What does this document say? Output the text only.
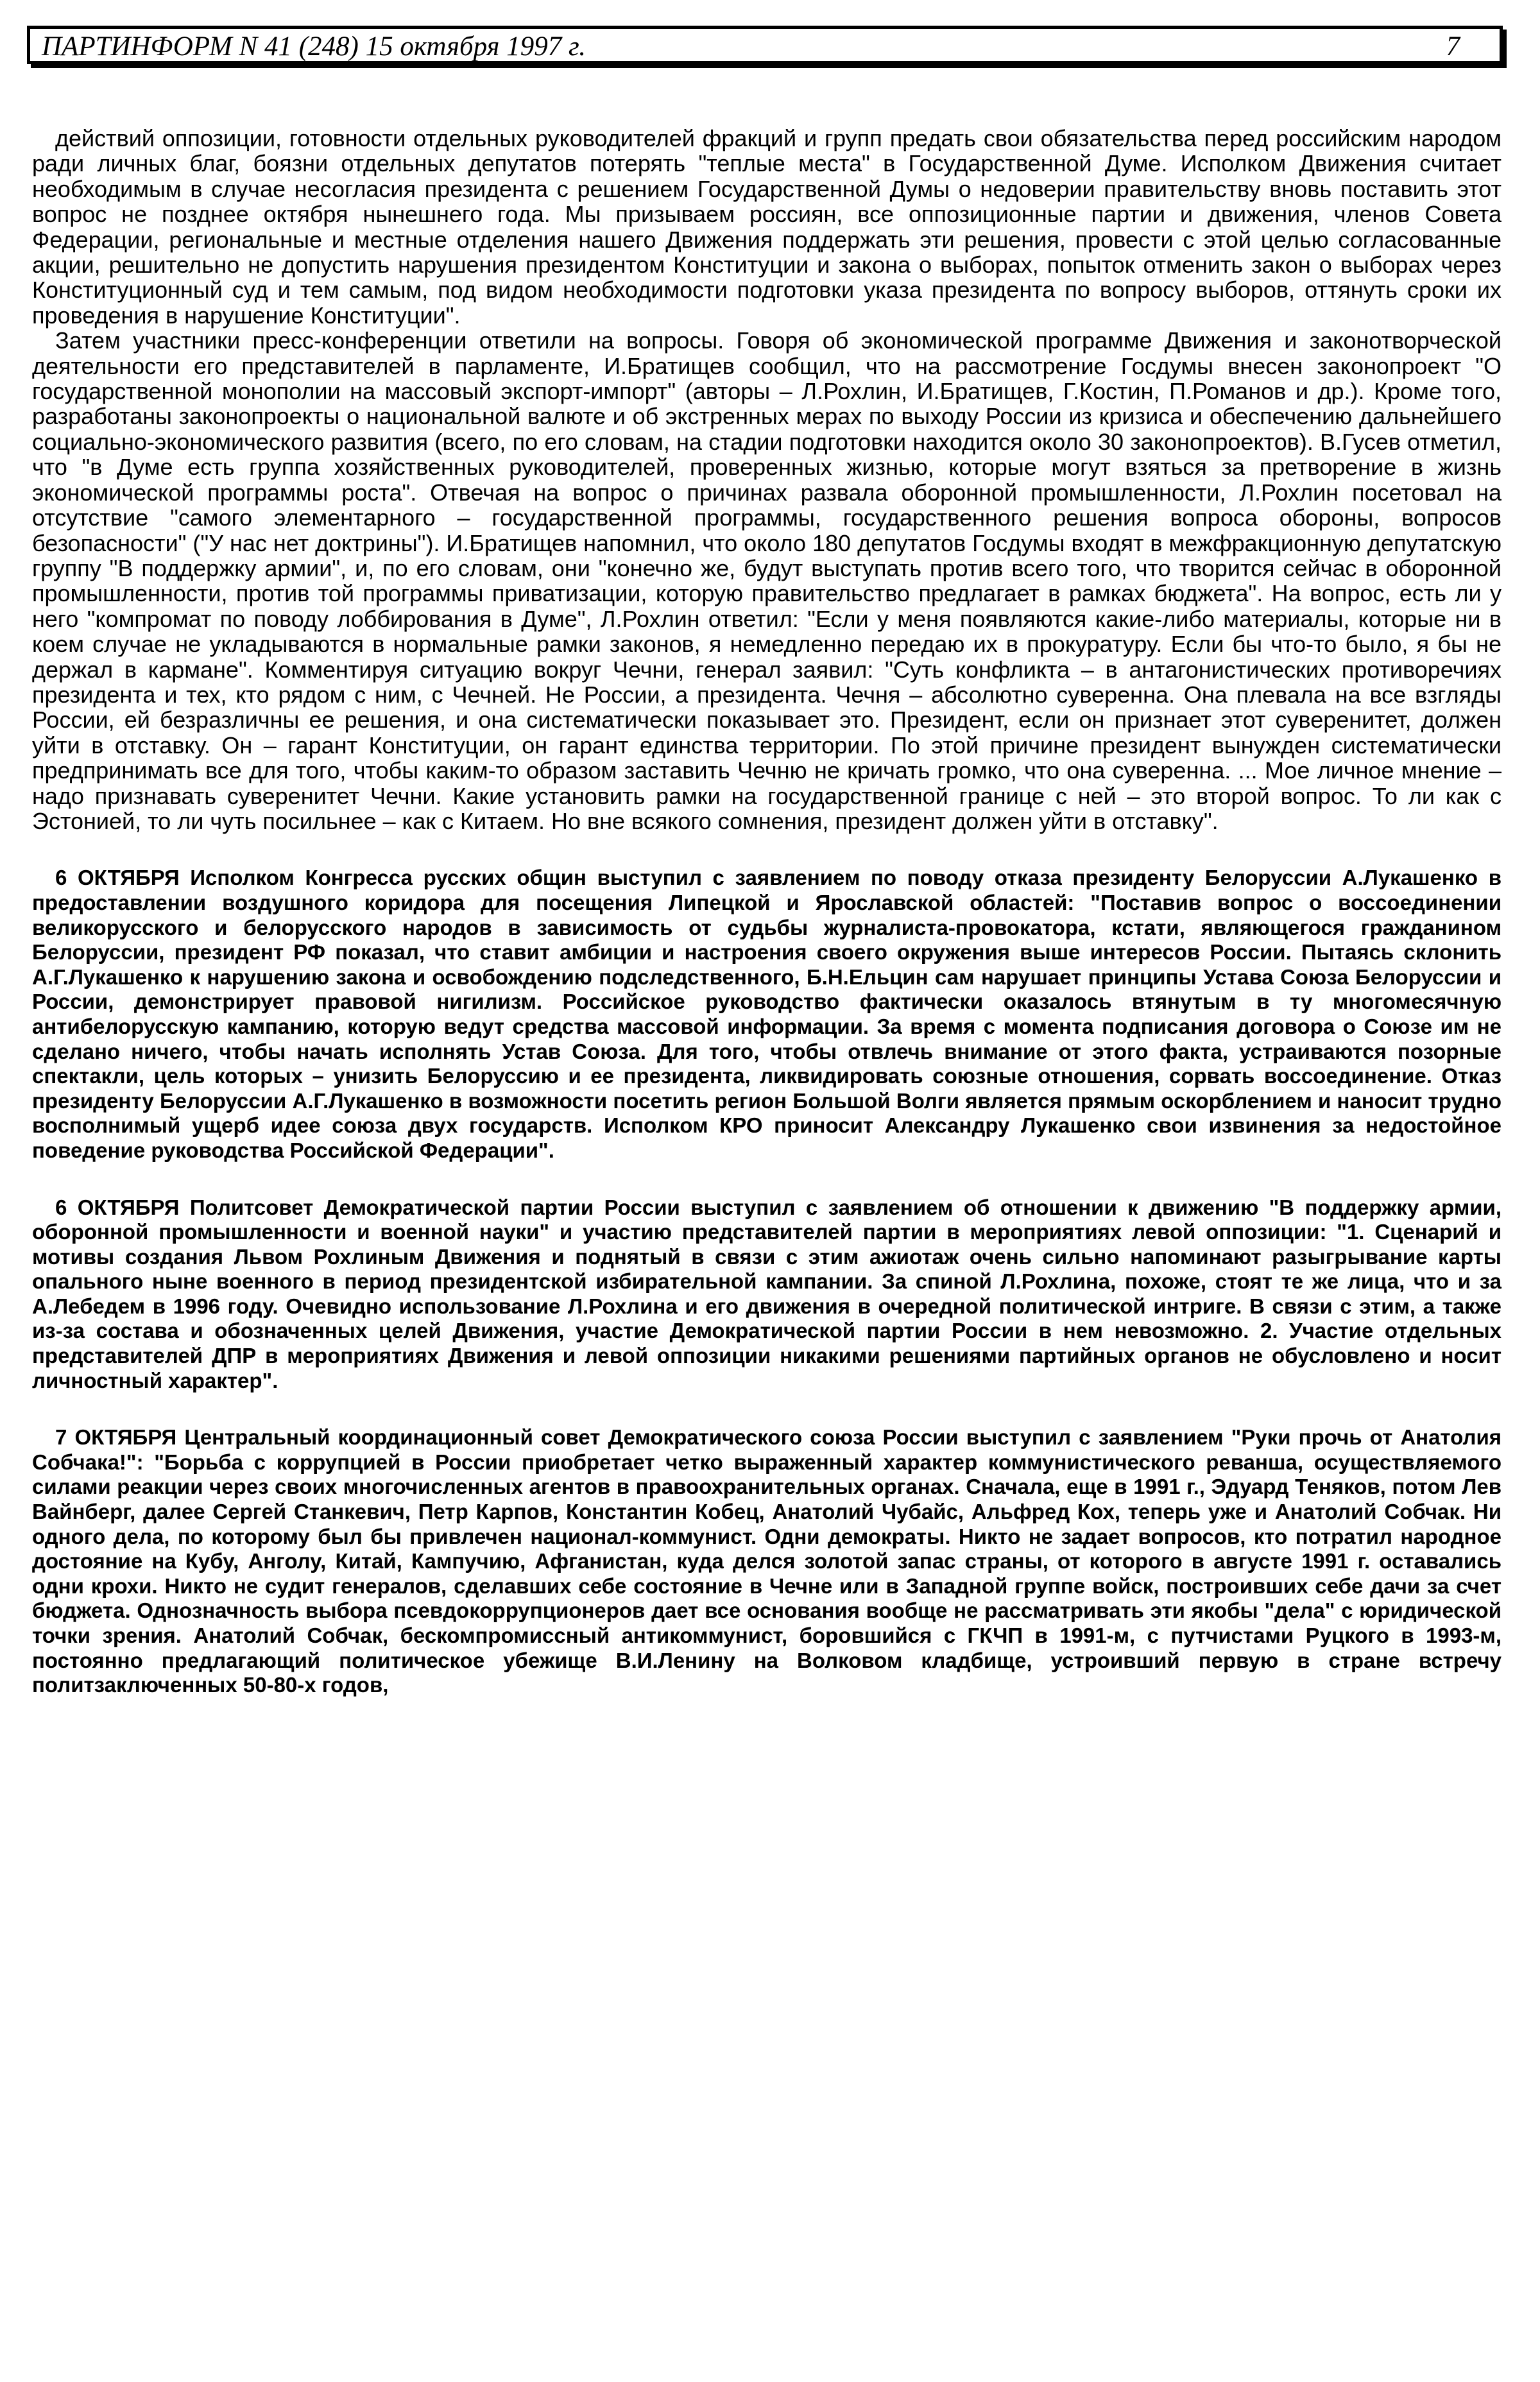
ПАРТИНФОРМ N 41 (248) 15 октября 1997 г.	7

действий оппозиции, готовности отдельных руководителей фракций и групп предать свои обязательства перед российским народом ради личных благ, боязни отдельных депутатов потерять "теплые места" в Государственной Думе. Исполком Движения считает необходимым в случае несогласия президента с решением Государственной Думы о недоверии правительству вновь поставить этот вопрос не позднее октября нынешнего года. Мы призываем россиян, все оппозиционные партии и движения, членов Совета Федерации, региональные и местные отделения нашего Движения поддержать эти решения, провести с этой целью согласованные акции, решительно не допустить нарушения президентом Конституции и закона о выборах, попыток отменить закон о выборах через Конституционный суд и тем самым, под видом необходимости подготовки указа президента по вопросу выборов, оттянуть сроки их проведения в нарушение Конституции".

Затем участники пресс-конференции ответили на вопросы. Говоря об экономической программе Движения и законотворческой деятельности его представителей в парламенте, И.Братищев сообщил, что на рассмотрение Госдумы внесен законопроект "О государственной монополии на массовый экспорт-импорт" (авторы – Л.Рохлин, И.Братищев, Г.Костин, П.Романов и др.). Кроме того, разработаны законопроекты о национальной валюте и об экстренных мерах по выходу России из кризиса и обеспечению дальнейшего социально-экономического развития (всего, по его словам, на стадии подготовки находится около 30 законопроектов). В.Гусев отметил, что "в Думе есть группа хозяйственных руководителей, проверенных жизнью, которые могут взяться за претворение в жизнь экономической программы роста". Отвечая на вопрос о причинах развала оборонной промышленности, Л.Рохлин посетовал на отсутствие "самого элементарного – государственной программы, государственного решения вопроса обороны, вопросов безопасности" ("У нас нет доктрины"). И.Братищев напомнил, что около 180 депутатов Госдумы входят в межфракционную депутатскую группу "В поддержку армии", и, по его словам, они "конечно же, будут выступать против всего того, что творится сейчас в оборонной промышленности, против той программы приватизации, которую правительство предлагает в рамках бюджета". На вопрос, есть ли у него "компромат по поводу лоббирования в Думе", Л.Рохлин ответил: "Если у меня появляются какие-либо материалы, которые ни в коем случае не укладываются в нормальные рамки законов, я немедленно передаю их в прокуратуру. Если бы что-то было, я бы не держал в кармане". Комментируя ситуацию вокруг Чечни, генерал заявил: "Суть конфликта – в антагонистических противоречиях президента и тех, кто рядом с ним, с Чечней. Не России, а президента. Чечня – абсолютно суверенна. Она плевала на все взгляды России, ей безразличны ее решения, и она систематически показывает это. Президент, если он признает этот суверенитет, должен уйти в отставку. Он – гарант Конституции, он гарант единства территории. По этой причине президент вынужден систематически предпринимать все для того, чтобы каким-то образом заставить Чечню не кричать громко, что она суверенна. ... Мое личное мнение – надо признавать суверенитет Чечни. Какие установить рамки на государственной границе с ней – это второй вопрос. То ли как с Эстонией, то ли чуть посильнее – как с Китаем. Но вне всякого сомнения, президент должен уйти в отставку".

6 ОКТЯБРЯ Исполком Конгресса русских общин выступил с заявлением по поводу отказа президенту Белоруссии А.Лукашенко в предоставлении воздушного коридора для посещения Липецкой и Ярославской областей: "Поставив вопрос о воссоединении великорусского и белорусского народов в зависимость от судьбы журналиста-провокатора, кстати, являющегося гражданином Белоруссии, президент РФ показал, что ставит амбиции и настроения своего окружения выше интересов России. Пытаясь склонить А.Г.Лукашенко к нарушению закона и освобождению подследственного, Б.Н.Ельцин сам нарушает принципы Устава Союза Белоруссии и России, демонстрирует правовой нигилизм. Российское руководство фактически оказалось втянутым в ту многомесячную антибелорусскую кампанию, которую ведут средства массовой информации. За время с момента подписания договора о Союзе им не сделано ничего, чтобы начать исполнять Устав Союза. Для того, чтобы отвлечь внимание от этого факта, устраиваются позорные спектакли, цель которых – унизить Белоруссию и ее президента, ликвидировать союзные отношения, сорвать воссоединение. Отказ президенту Белоруссии А.Г.Лукашенко в возможности посетить регион Большой Волги является прямым оскорблением и наносит трудно восполнимый ущерб идее союза двух государств. Исполком КРО приносит Александру Лукашенко свои извинения за недостойное поведение руководства Российской Федерации".

6 ОКТЯБРЯ Политсовет Демократической партии России выступил с заявлением об отношении к движению "В поддержку армии, оборонной промышленности и военной науки" и участию представителей партии в мероприятиях левой оппозиции: "1. Сценарий и мотивы создания Львом Рохлиным Движения и поднятый в связи с этим ажиотаж очень сильно напоминают разыгрывание карты опального ныне военного в период президентской избирательной кампании. За спиной Л.Рохлина, похоже, стоят те же лица, что и за А.Лебедем в 1996 году. Очевидно использование Л.Рохлина и его движения в очередной политической интриге. В связи с этим, а также из-за состава и обозначенных целей Движения, участие Демократической партии России в нем невозможно. 2. Участие отдельных представителей ДПР в мероприятиях Движения и левой оппозиции никакими решениями партийных органов не обусловлено и носит личностный характер".

7 ОКТЯБРЯ Центральный координационный совет Демократического союза России выступил с заявлением "Руки прочь от Анатолия Собчака!": "Борьба с коррупцией в России приобретает четко выраженный характер коммунистического реванша, осуществляемого силами реакции через своих многочисленных агентов в правоохранительных органах. Сначала, еще в 1991 г., Эдуард Теняков, потом Лев Вайнберг, далее Сергей Станкевич, Петр Карпов, Константин Кобец, Анатолий Чубайс, Альфред Кох, теперь уже и Анатолий Собчак. Ни одного дела, по которому был бы привлечен национал-коммунист. Одни демократы. Никто не задает вопросов, кто потратил народное достояние на Кубу, Анголу, Китай, Кампучию, Афганистан, куда делся золотой запас страны, от которого в августе 1991 г. оставались одни крохи. Никто не судит генералов, сделавших себе состояние в Чечне или в Западной группе войск, построивших себе дачи за счет бюджета. Однозначность выбора псевдокоррупционеров дает все основания вообще не рассматривать эти якобы "дела" с юридической точки зрения. Анатолий Собчак, бескомпромиссный антикоммунист, боровшийся с ГКЧП в 1991-м, с путчистами Руцкого в 1993-м, постоянно предлагающий политическое убежище В.И.Ленину на Волковом кладбище, устроивший первую в стране встречу политзаключенных 50-80-х годов,
